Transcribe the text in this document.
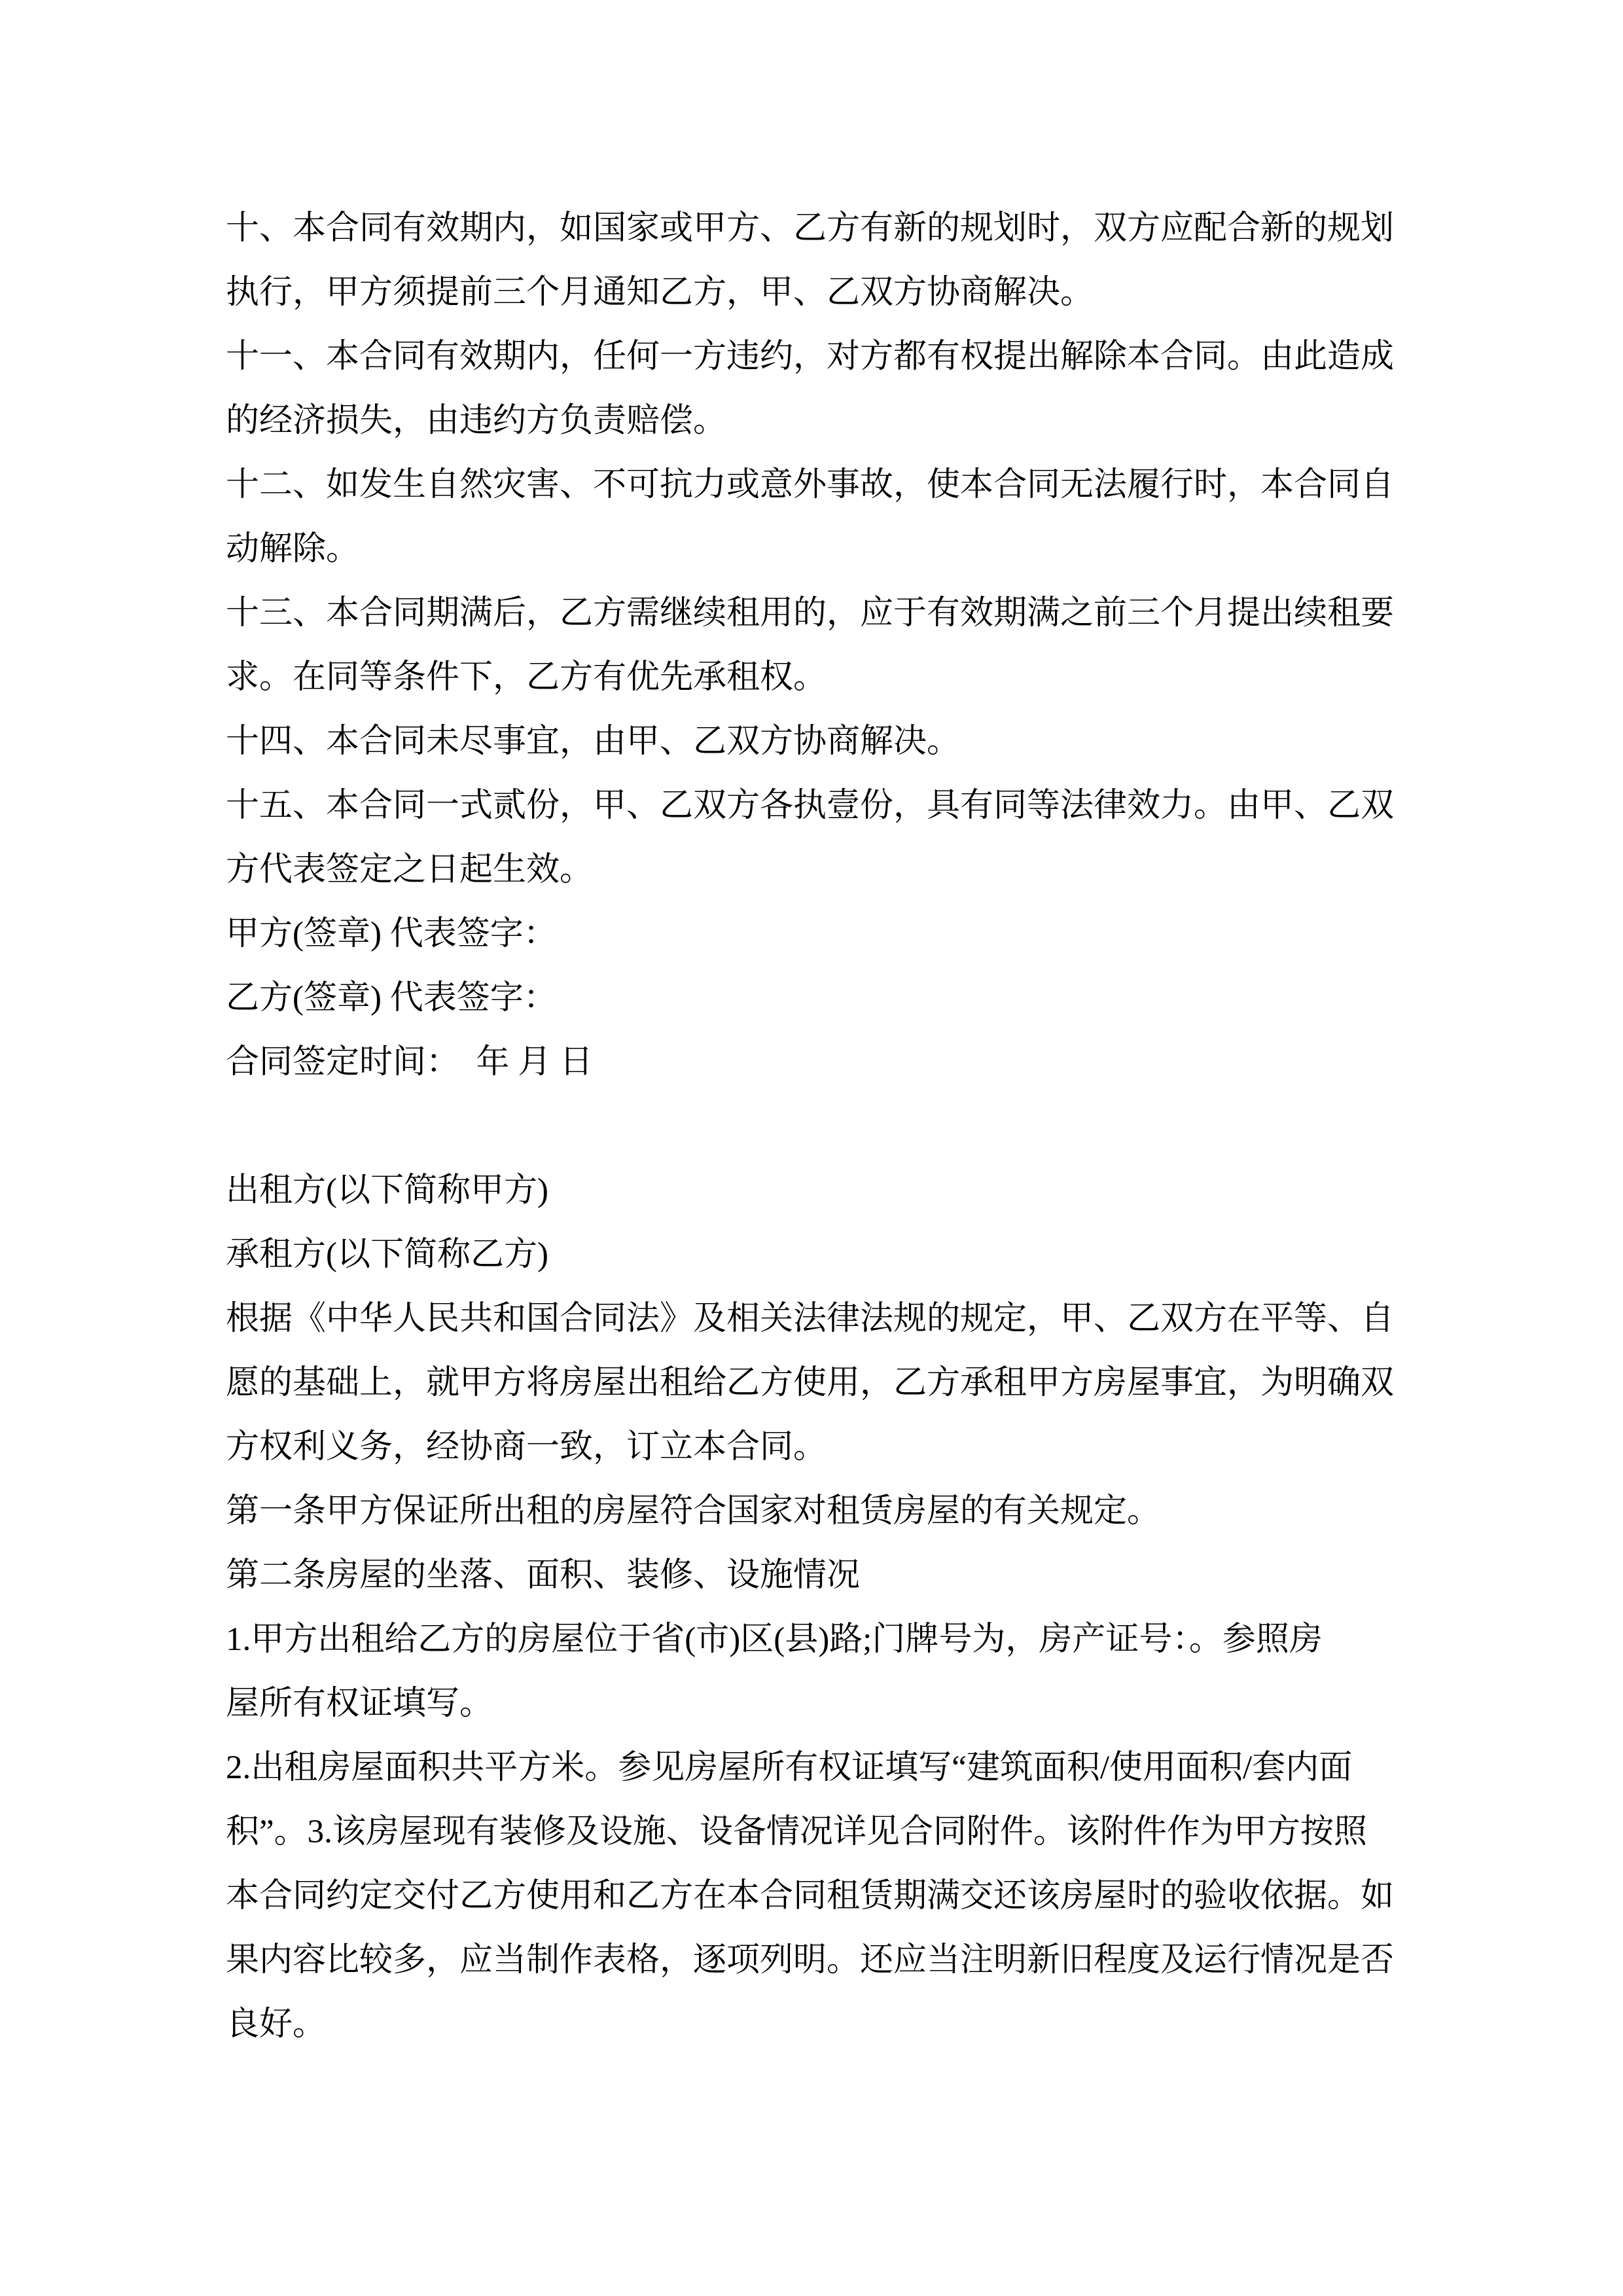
十、本合同有效期内，如国家或甲方、乙方有新的规划时，双方应配合新的规划
执行，甲方须提前三个月通知乙方，甲、乙双方协商解决。
十一、本合同有效期内，任何一方违约，对方都有权提出解除本合同。由此造成
的经济损失，由违约方负责赔偿。
十二、如发生自然灾害、不可抗力或意外事故，使本合同无法履行时，本合同自
动解除。
十三、本合同期满后，乙方需继续租用的，应于有效期满之前三个月提出续租要
求。在同等条件下，乙方有优先承租权。
十四、本合同未尽事宜，由甲、乙双方协商解决。
十五、本合同一式贰份，甲、乙双方各执壹份，具有同等法律效力。由甲、乙双
方代表签定之日起生效。
甲方(签章) 代表签字：
乙方(签章) 代表签字：
合同签定时间：　年 月 日

出租方(以下简称甲方)
承租方(以下简称乙方)
根据《中华人民共和国合同法》及相关法律法规的规定，甲、乙双方在平等、自
愿的基础上，就甲方将房屋出租给乙方使用，乙方承租甲方房屋事宜，为明确双
方权利义务，经协商一致，订立本合同。
第一条甲方保证所出租的房屋符合国家对租赁房屋的有关规定。
第二条房屋的坐落、面积、装修、设施情况
1.甲方出租给乙方的房屋位于省(市)区(县)路;门牌号为，房产证号：。参照房
屋所有权证填写。
2.出租房屋面积共平方米。参见房屋所有权证填写“建筑面积/使用面积/套内面
积”。3.该房屋现有装修及设施、设备情况详见合同附件。该附件作为甲方按照
本合同约定交付乙方使用和乙方在本合同租赁期满交还该房屋时的验收依据。如
果内容比较多，应当制作表格，逐项列明。还应当注明新旧程度及运行情况是否
良好。
